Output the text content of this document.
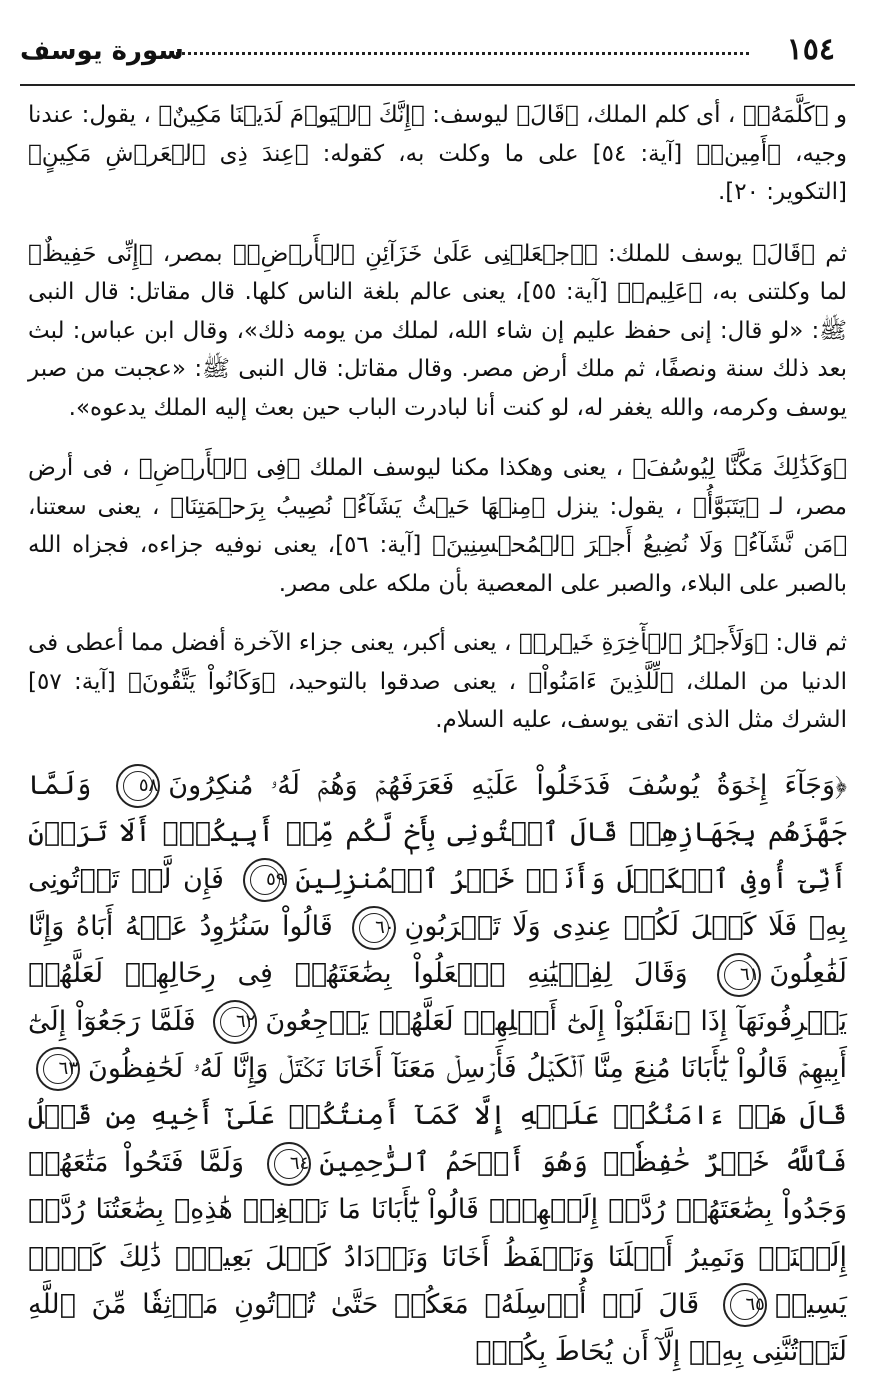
١٥٤
سورة يوسف

و ﴿كَلَّمَهُۥ﴾ ، أى كلم الملك، ﴿قَالَ﴾ ليوسف: ﴿إِنَّكَ ٱلۡيَوۡمَ لَدَيۡنَا مَكِينٌ﴾ ، يقول: عندنا وجيه، ﴿أَمِينٞ﴾ [آية: ٥٤] على ما وكلت به، كقوله: ﴿عِندَ ذِى ٱلۡعَرۡشِ مَكِينٍ﴾ [التكوير: ٢٠].

ثم ﴿قَالَ﴾ يوسف للملك: ﴿ٱجۡعَلۡنِى عَلَىٰ خَزَآئِنِ ٱلۡأَرۡضِۖ﴾ بمصر، ﴿إِنِّى حَفِيظٌ﴾ لما وكلتنى به، ﴿عَلِيمٞ﴾ [آية: ٥٥]، يعنى عالم بلغة الناس كلها. قال مقاتل: قال النبى ﷺ: «لو قال: إنى حفظ عليم إن شاء الله، لملك من يومه ذلك»، وقال ابن عباس: لبث بعد ذلك سنة ونصفًا، ثم ملك أرض مصر. وقال مقاتل: قال النبى ﷺ: «عجبت من صبر يوسف وكرمه، والله يغفر له، لو كنت أنا لبادرت الباب حين بعث إليه الملك يدعوه».

﴿وَكَذَٰلِكَ مَكَّنَّا لِيُوسُفَ﴾ ، يعنى وهكذا مكنا ليوسف الملك ﴿فِى ٱلۡأَرۡضِ﴾ ، فى أرض مصر، لـ ﴿يَتَبَوَّأُ﴾ ، يقول: ينزل ﴿مِنۡهَا حَيۡثُ يَشَآءُۚ نُصِيبُ بِرَحۡمَتِنَا﴾ ، يعنى سعتنا، ﴿مَن نَّشَآءُۖ وَلَا نُضِيعُ أَجۡرَ ٱلۡمُحۡسِنِينَ﴾ [آية: ٥٦]، يعنى نوفيه جزاءه، فجزاه الله بالصبر على البلاء، والصبر على المعصية بأن ملكه على مصر.

ثم قال: ﴿وَلَأَجۡرُ ٱلۡأٓخِرَةِ خَيۡرٞ﴾ ، يعنى أكبر، يعنى جزاء الآخرة أفضل مما أعطى فى الدنيا من الملك، ﴿لِّلَّذِينَ ءَامَنُواْ﴾ ، يعنى صدقوا بالتوحيد، ﴿وَكَانُواْ يَتَّقُونَ﴾ [آية: ٥٧] الشرك مثل الذى اتقى يوسف، عليه السلام.

﴿وَجَآءَ إِخۡوَةُ يُوسُفَ فَدَخَلُواْ عَلَيۡهِ فَعَرَفَهُمۡ وَهُمۡ لَهُۥ مُنكِرُونَ٥٨ وَلَمَّا جَهَّزَهُم بِجَهَازِهِمۡ قَالَ ٱئۡتُونِى بِأَخٖ لَّكُم مِّنۡ أَبِيكُمۡۚ أَلَا تَرَوۡنَ أَنِّىٓ أُوفِى ٱلۡكَيۡلَ وَأَنَا۠ خَيۡرُ ٱلۡمُنزِلِينَ٥٩ فَإِن لَّمۡ تَأۡتُونِى بِهِۦ فَلَا كَيۡلَ لَكُمۡ عِندِى وَلَا تَقۡرَبُونِ٦٠ قَالُواْ سَنُرَٰوِدُ عَنۡهُ أَبَاهُ وَإِنَّا لَفَٰعِلُونَ٦١ وَقَالَ لِفِتۡيَٰنِهِ ٱجۡعَلُواْ بِضَٰعَتَهُمۡ فِى رِحَالِهِمۡ لَعَلَّهُمۡ يَعۡرِفُونَهَآ إِذَا ٱنقَلَبُوٓاْ إِلَىٰٓ أَهۡلِهِمۡ لَعَلَّهُمۡ يَرۡجِعُونَ٦٢ فَلَمَّا رَجَعُوٓاْ إِلَىٰٓ أَبِيهِمۡ قَالُواْ يَٰٓأَبَانَا مُنِعَ مِنَّا ٱلۡكَيۡلُ فَأَرۡسِلۡ مَعَنَآ أَخَانَا نَكۡتَلۡ وَإِنَّا لَهُۥ لَحَٰفِظُونَ٦٣ قَالَ هَلۡ ءَامَنُكُمۡ عَلَيۡهِ إِلَّا كَمَآ أَمِنتُكُمۡ عَلَىٰٓ أَخِيهِ مِن قَبۡلُ فَٱللَّهُ خَيۡرٌ حَٰفِظٗاۖ وَهُوَ أَرۡحَمُ ٱلرَّٰحِمِينَ٦٤ وَلَمَّا فَتَحُواْ مَتَٰعَهُمۡ وَجَدُواْ بِضَٰعَتَهُمۡ رُدَّتۡ إِلَيۡهِمۡۖ قَالُواْ يَٰٓأَبَانَا مَا نَبۡغِىۖ هَٰذِهِۦ بِضَٰعَتُنَا رُدَّتۡ إِلَيۡنَاۖ وَنَمِيرُ أَهۡلَنَا وَنَحۡفَظُ أَخَانَا وَنَزۡدَادُ كَيۡلَ بَعِيرٖۖ ذَٰلِكَ كَيۡلٞ يَسِيرٞ٦٥ قَالَ لَنۡ أُرۡسِلَهُۥ مَعَكُمۡ حَتَّىٰ تُؤۡتُونِ مَوۡثِقٗا مِّنَ ٱللَّهِ لَتَأۡتُنَّنِى بِهِۦٓ إِلَّآ أَن يُحَاطَ بِكُمۡۖ
